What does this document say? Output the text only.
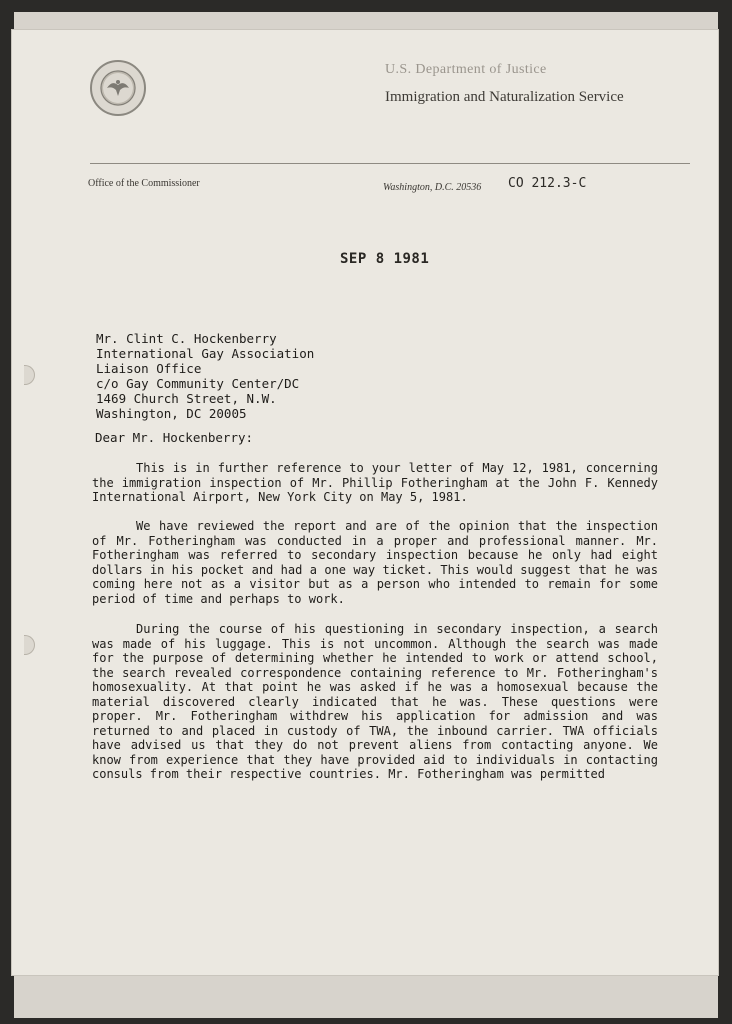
U.S. Department of Justice
Immigration and Naturalization Service
Office of the Commissioner	Washington, D.C. 20536 CO 212.3-C
SEP 8 1981
Mr. Clint C. Hockenberry
International Gay Association
Liaison Office
c/o Gay Community Center/DC
1469 Church Street, N.W.
Washington, DC 20005
Dear Mr. Hockenberry:
This is in further reference to your letter of May 12, 1981, concerning the immigration inspection of Mr. Phillip Fotheringham at the John F. Kennedy International Airport, New York City on May 5, 1981.
We have reviewed the report and are of the opinion that the inspection of Mr. Fotheringham was conducted in a proper and professional manner. Mr. Fotheringham was referred to secondary inspection because he only had eight dollars in his pocket and had a one way ticket. This would suggest that he was coming here not as a visitor but as a person who intended to remain for some period of time and perhaps to work.
During the course of his questioning in secondary inspection, a search was made of his luggage. This is not uncommon. Although the search was made for the purpose of determining whether he intended to work or attend school, the search revealed correspondence containing reference to Mr. Fotheringham's homosexuality. At that point he was asked if he was a homosexual because the material discovered clearly indicated that he was. These questions were proper. Mr. Fotheringham withdrew his application for admission and was returned to and placed in custody of TWA, the inbound carrier. TWA officials have advised us that they do not prevent aliens from contacting anyone. We know from experience that they have provided aid to individuals in contacting consuls from their respective countries. Mr. Fotheringham was permitted
